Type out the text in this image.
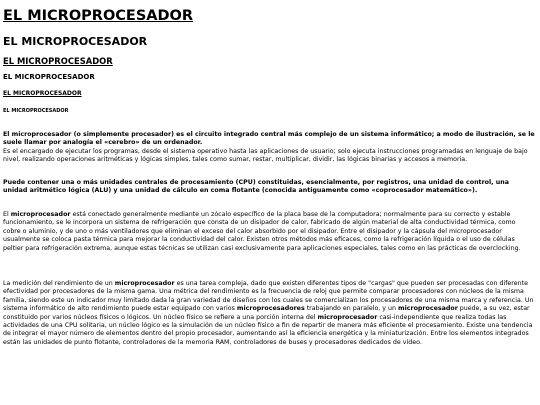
EL MICROPROCESADOR
EL MICROPROCESADOR
EL MICROPROCESADOR
EL MICROPROCESADOR
EL MICROPROCESADOR
EL MICROPROCESADOR

El microprocesador (o simplemente procesador) es el circuito integrado central más complejo de un sistema informático; a modo de ilustración, se le suele llamar por analogía el «cerebro» de un ordenador.
Es el encargado de ejecutar los programas, desde el sistema operativo hasta las aplicaciones de usuario; solo ejecuta instrucciones programadas en lenguaje de bajo nivel, realizando operaciones aritméticas y lógicas simples, tales como sumar, restar, multiplicar, dividir, las lógicas binarias y accesos a memoria.

Puede contener una o más unidades centrales de procesamiento (CPU) constituidas, esencialmente, por registros, una unidad de control, una unidad aritmético lógica (ALU) y una unidad de cálculo en coma flotante (conocida antiguamente como «coprocesador matemático»).

El microprocesador está conectado generalmente mediante un zócalo específico de la placa base de la computadora; normalmente para su correcto y estable funcionamiento, se le incorpora un sistema de refrigeración que consta de un disipador de calor, fabricado de algún material de alta conductividad térmica, como cobre o aluminio, y de uno o más ventiladores que eliminan el exceso del calor absorbido por el disipador. Entre el disipador y la cápsula del microprocesador usualmente se coloca pasta térmica para mejorar la conductividad del calor. Existen otros métodos más eficaces, como la refrigeración líquida o el uso de células peltier para refrigeración extrema, aunque estas técnicas se utilizan casi exclusivamente para aplicaciones especiales, tales como en las prácticas de overclocking.

La medición del rendimiento de un microprocesador es una tarea compleja, dado que existen diferentes tipos de "cargas" que pueden ser procesadas con diferente efectividad por procesadores de la misma gama. Una métrica del rendimiento es la frecuencia de reloj que permite comparar procesadores con núcleos de la misma familia, siendo este un indicador muy limitado dada la gran variedad de diseños con los cuales se comercializan los procesadores de una misma marca y referencia. Un sistema informático de alto rendimiento puede estar equipado con varios microprocesadores trabajando en paralelo, y un microprocesador puede, a su vez, estar constituido por varios núcleos físicos o lógicos. Un núcleo físico se refiere a una porción interna del microprocesador casi-independiente que realiza todas las actividades de una CPU solitaria, un núcleo lógico es la simulación de un núcleo físico a fin de repartir de manera más eficiente el procesamiento. Existe una tendencia de integrar el mayor número de elementos dentro del propio procesador, aumentando así la eficiencia energética y la miniaturización. Entre los elementos integrados están las unidades de punto flotante, controladores de la memoria RAM, controladores de buses y procesadores dedicados de vídeo.
